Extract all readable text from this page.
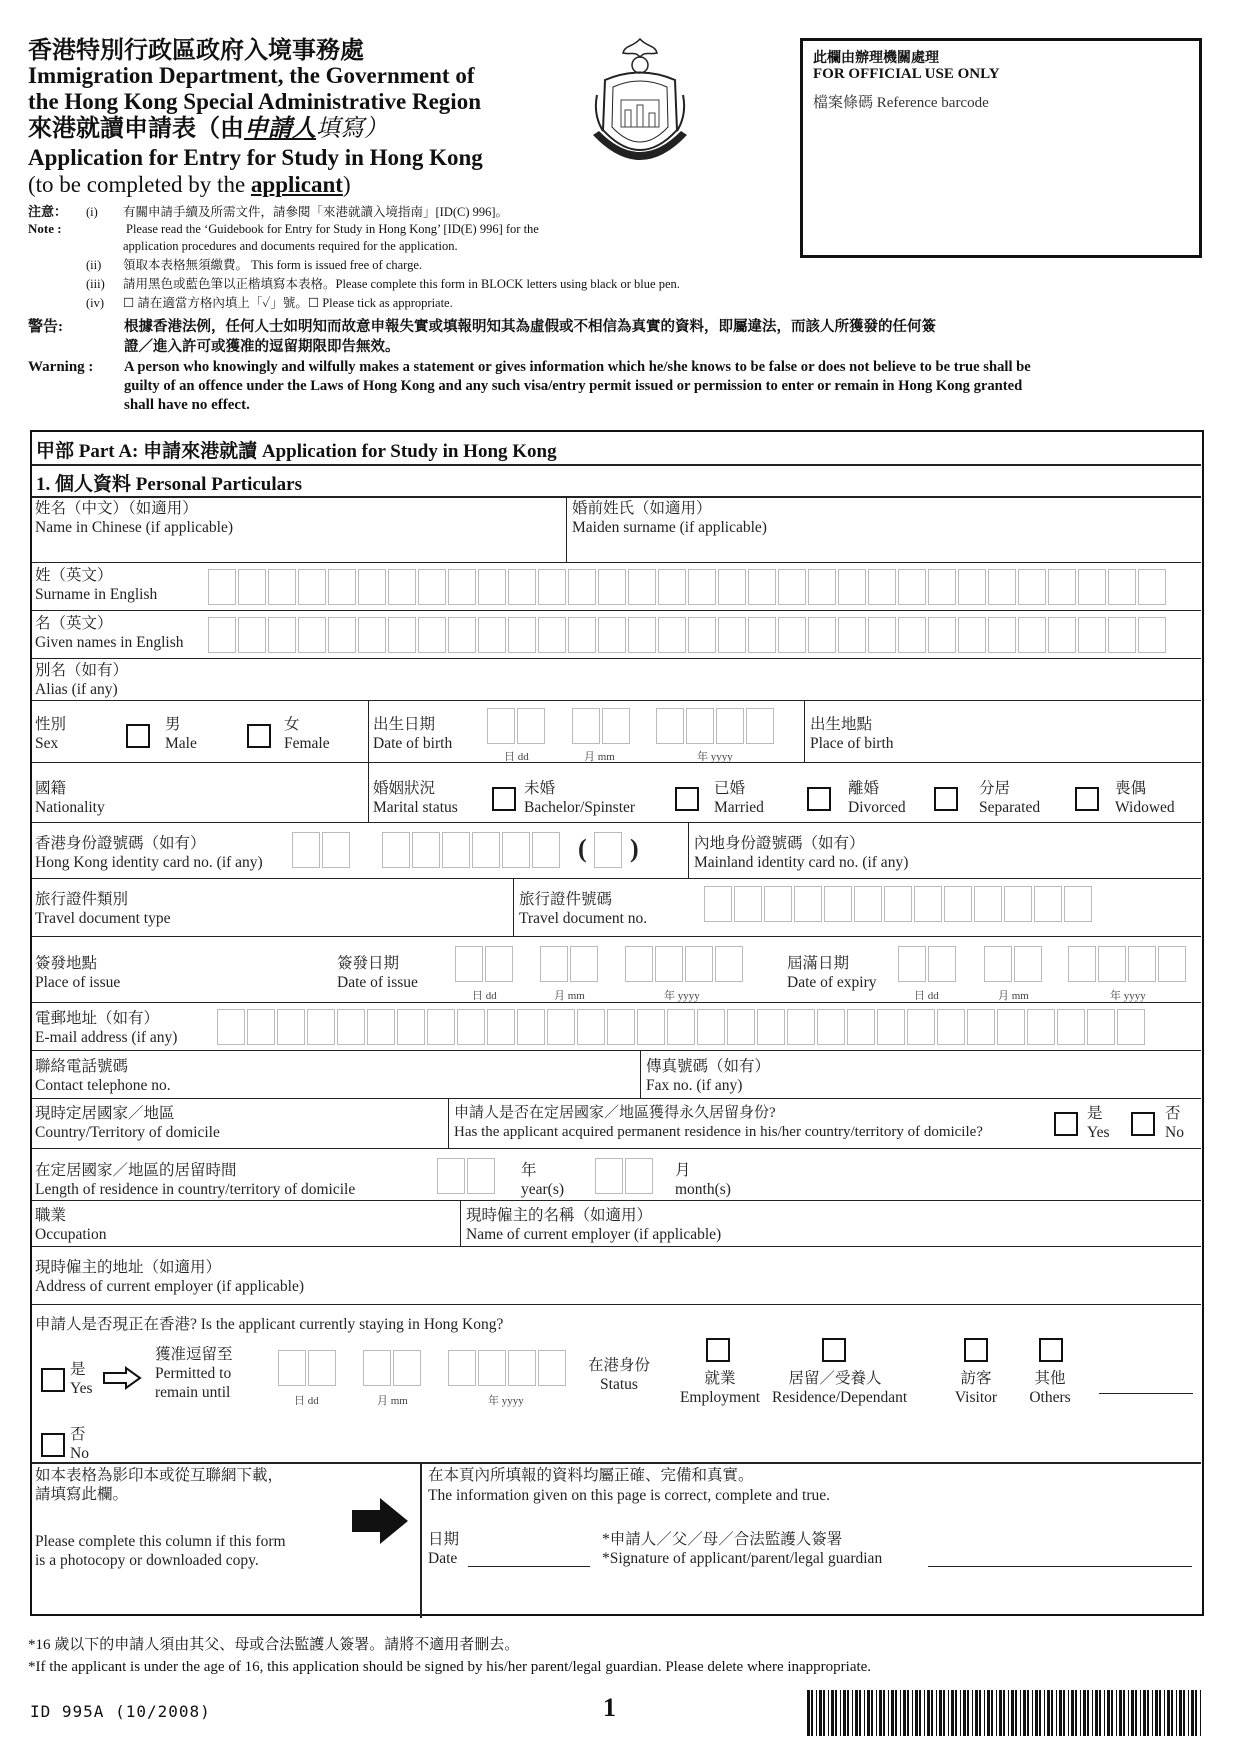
香港特別行政區政府入境事務處
Immigration Department, the Government of
the Hong Kong Special Administrative Region
來港就讀申請表（由申請人填寫）
Application for Entry for Study in Hong Kong
(to be completed by the applicant)
此欄由辦理機關處理
FOR OFFICIAL USE ONLY
檔案條碼 Reference barcode
注意：
Note :
(i) 有關申請手續及所需文件，請參閱「來港就讀入境指南」[ID(C) 996]。
Please read the ‘Guidebook for Entry for Study in Hong Kong’ [ID(E) 996] for the
application procedures and documents required for the application.
(ii) 領取本表格無須繳費。 This form is issued free of charge.
(iii) 請用黑色或藍色筆以正楷填寫本表格。Please complete this form in BLOCK letters using black or blue pen.
(iv) ☐ 請在適當方格內填上「✓」號。☐ Please tick as appropriate.
警告:
Warning :
根據香港法例，任何人士如明知而故意申報失實或填報明知其為虛假或不相信為真實的資料，即屬違法，而該人所獲發的任何簽
證／進入許可或獲准的逗留期限即告無效。
A person who knowingly and wilfully makes a statement or gives information which he/she knows to be false or does not believe to be true shall be
guilty of an offence under the Laws of Hong Kong and any such visa/entry permit issued or permission to enter or remain in Hong Kong granted
shall have no effect.
甲部 Part A: 申請來港就讀 Application for Study in Hong Kong
1. 個人資料 Personal Particulars
姓名（中文）（如適用）
Name in Chinese (if applicable)
婚前姓氏（如適用）
Maiden surname (if applicable)
姓（英文）
Surname in English
名（英文）
Given names in English
別名（如有）
Alias (if any)
性別
Sex
男
Male
女
Female
出生日期
Date of birth
日 dd	月 mm	年 yyyy
出生地點
Place of birth
國籍
Nationality
婚姻狀況
Marital status
未婚
Bachelor/Spinster
已婚
Married
離婚
Divorced
分居
Separated
喪偶
Widowed
香港身份證號碼（如有）
Hong Kong identity card no. (if any)	( )	內地身份證號碼（如有）
Mainland identity card no. (if any)
旅行證件類別
Travel document type
旅行證件號碼
Travel document no.
簽發地點
Place of issue
簽發日期
Date of issue
日 dd	月 mm	年 yyyy
屆滿日期
Date of expiry
日 dd	月 mm	年 yyyy
電郵地址（如有）
E-mail address (if any)
聯絡電話號碼
Contact telephone no.
傳真號碼（如有）
Fax no. (if any)
現時定居國家／地區
Country/Territory of domicile
申請人是否在定居國家／地區獲得永久居留身份?
Has the applicant acquired permanent residence in his/her country/territory of domicile?
是
Yes
否
No
在定居國家／地區的居留時間
Length of residence in country/territory of domicile
年
year(s)
月
month(s)
職業
Occupation
現時僱主的名稱（如適用）
Name of current employer (if applicable)
現時僱主的地址（如適用）
Address of current employer (if applicable)
申請人是否現正在香港? Is the applicant currently staying in Hong Kong?
是
Yes
獲准逗留至
Permitted to
remain until	日 dd	月 mm	年 yyyy
在港身份
Status	就業
Employment
居留／受養人
Residence/Dependant
訪客
Visitor
其他
Others
否
No
如本表格為影印本或從互聯網下載，
請填寫此欄。
Please complete this column if this form
is a photocopy or downloaded copy.
在本頁內所填報的資料均屬正確、完備和真實。
The information given on this page is correct, complete and true.
日期
Date
*申請人／父／母／合法監護人簽署
*Signature of applicant/parent/legal guardian
*16 歲以下的申請人須由其父、母或合法監護人簽署。請將不適用者刪去。
*If the applicant is under the age of 16, this application should be signed by his/her parent/legal guardian. Please delete where inappropriate.
ID 995A (10/2008)	1
